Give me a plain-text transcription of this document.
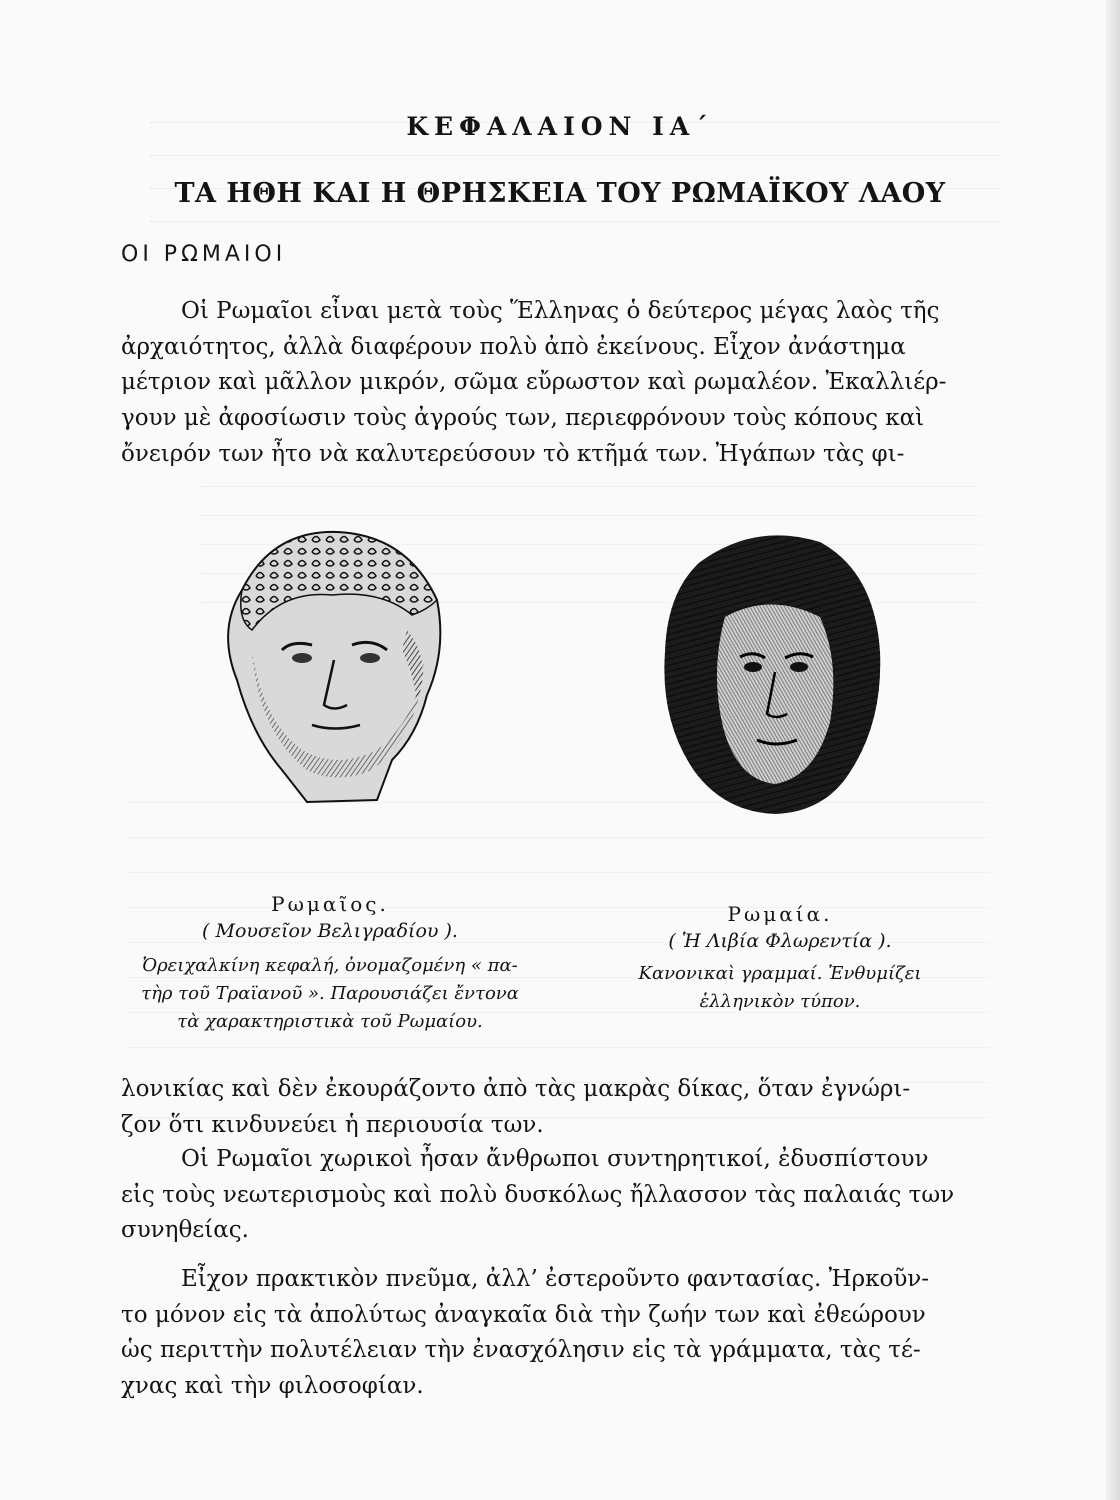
ΚΕΦΑΛΑΙΟΝ ΙΑ΄
ΤΑ ΗΘΗ ΚΑΙ Η ΘΡΗΣΚΕΙΑ ΤΟΥ ΡΩΜΑΪΚΟΥ ΛΑΟΥ
ΟΙ ΡΩΜΑΙΟΙ

Οἱ Ρωμαῖοι εἶναι μετὰ τοὺς Ἕλληνας ὁ δεύτερος μέγας λαὸς τῆς

ἀρχαιότητος, ἀλλὰ διαφέρουν πολὺ ἀπὸ ἐκείνους. Εἶχον ἀνάστημα

μέτριον καὶ μᾶλλον μικρόν, σῶμα εὔρωστον καὶ ρωμαλέον. Ἐκαλλιέρ-

γουν μὲ ἀφοσίωσιν τοὺς ἀγρούς των, περιεφρόνουν τοὺς κόπους καὶ

ὄνειρόν των ἦτο νὰ καλυτερεύσουν τὸ κτῆμά των. Ἠγάπων τὰς φι-

Ρωμαῖος.
( Μουσεῖον Βελιγραδίου ).
Ὀρειχαλκίνη κεφαλή, ὀνομαζομένη « πα-
τὴρ τοῦ Τραϊανοῦ ». Παρουσιάζει ἔντονα
τὰ χαρακτηριστικὰ τοῦ Ρωμαίου.
Ρωμαία.
( Ἡ Λιβία Φλωρεντία ).
Κανονικαὶ γραμμαί. Ἐνθυμίζει
ἑλληνικὸν τύπον.

λονικίας καὶ δὲν ἐκουράζοντο ἀπὸ τὰς μακρὰς δίκας, ὅταν ἐγνώρι-

ζον ὅτι κινδυνεύει ἡ περιουσία των.

Οἱ Ρωμαῖοι χωρικοὶ ἦσαν ἄνθρωποι συντηρητικοί, ἐδυσπίστουν

εἰς τοὺς νεωτερισμοὺς καὶ πολὺ δυσκόλως ἤλλασσον τὰς παλαιάς των

συνηθείας.

Εἶχον πρακτικὸν πνεῦμα, ἀλλ’ ἐστεροῦντο φαντασίας. Ἠρκοῦν-

το μόνον εἰς τὰ ἀπολύτως ἀναγκαῖα διὰ τὴν ζωήν των καὶ ἐθεώρουν

ὡς περιττὴν πολυτέλειαν τὴν ἐνασχόλησιν εἰς τὰ γράμματα, τὰς τέ-

χνας καὶ τὴν φιλοσοφίαν.
